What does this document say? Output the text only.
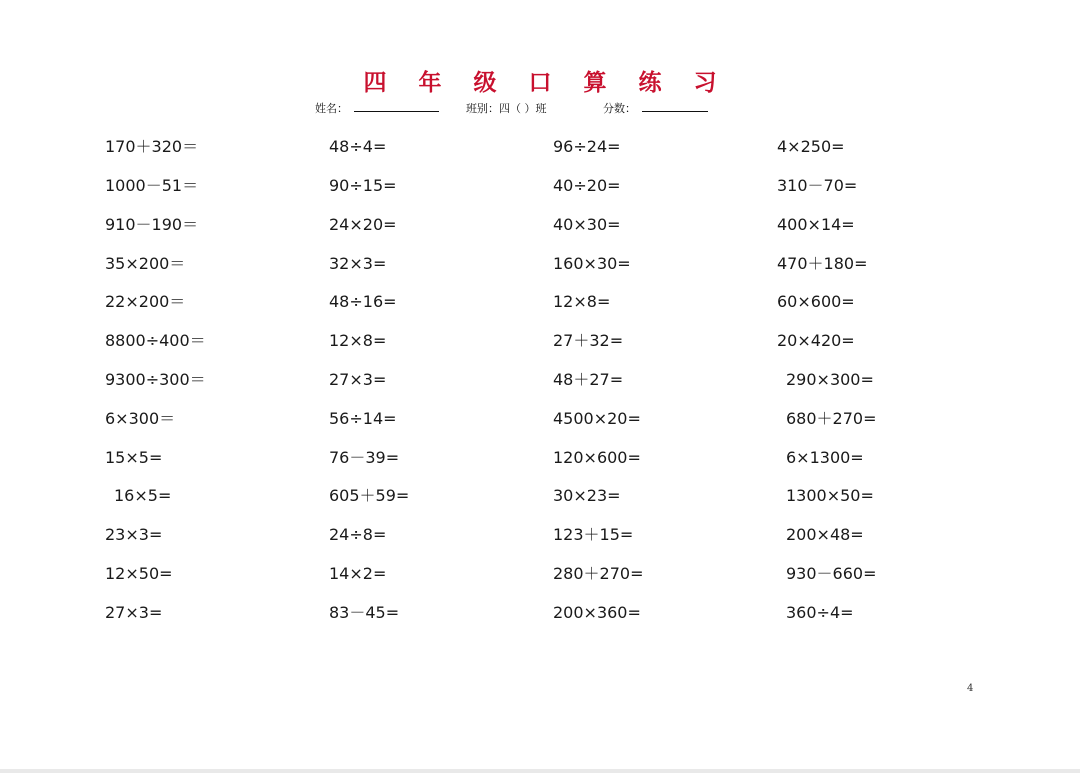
四 年 级 口 算 练 习
姓名：	班别：四（ ）班	分数：
170＋320＝
1000－51＝
910－190＝
35×200＝
22×200＝
8800÷400＝
9300÷300＝
6×300＝
15×5=
16×5=
23×3=
12×50=
27×3=
48÷4=
90÷15=
24×20=
32×3=
48÷16=
12×8=
27×3=
56÷14=
76－39=
605＋59=
24÷8=
14×2=
83－45=
96÷24=
40÷20=
40×30=
160×30=
12×8=
27＋32=
48＋27=
4500×20=
120×600=
30×23=
123＋15=
280＋270=
200×360=
4×250=
310－70=
400×14=
470＋180=
60×600=
20×420=
290×300=
680＋270=
6×1300=
1300×50=
200×48=
930－660=
360÷4=
4
